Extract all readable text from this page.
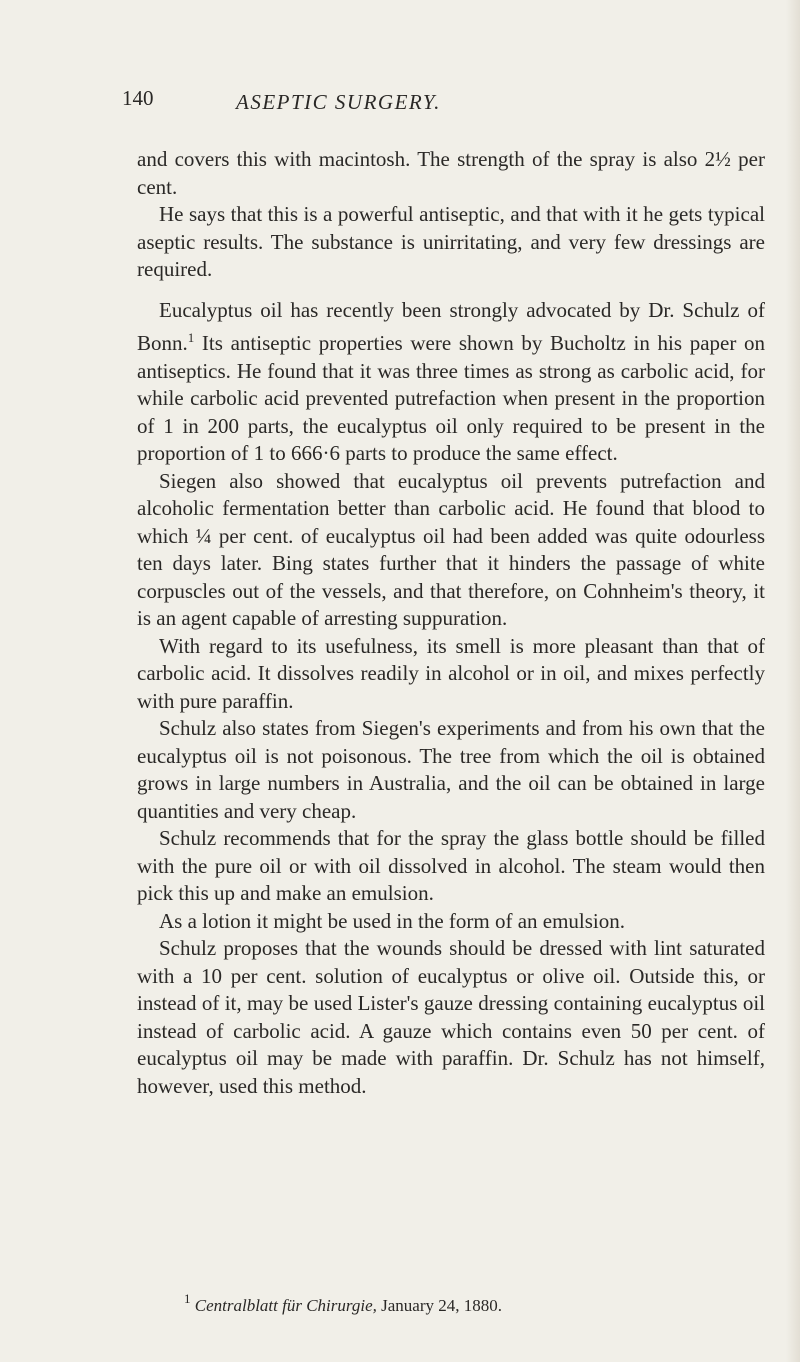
140	ASEPTIC SURGERY.

and covers this with macintosh. The strength of the spray is also 2½ per cent.

He says that this is a powerful antiseptic, and that with it he gets typical aseptic results. The substance is unirritating, and very few dressings are required.

Eucalyptus oil has recently been strongly advocated by Dr. Schulz of Bonn.$^1$ Its antiseptic properties were shown by Bucholtz in his paper on antiseptics. He found that it was three times as strong as carbolic acid, for while carbolic acid prevented putrefaction when present in the proportion of 1 in 200 parts, the eucalyptus oil only required to be present in the proportion of 1 to 666·6 parts to produce the same effect.

Siegen also showed that eucalyptus oil prevents putrefaction and alcoholic fermentation better than carbolic acid. He found that blood to which ¼ per cent. of eucalyptus oil had been added was quite odourless ten days later. Bing states further that it hinders the passage of white corpuscles out of the vessels, and that therefore, on Cohnheim's theory, it is an agent capable of arresting suppuration.

With regard to its usefulness, its smell is more pleasant than that of carbolic acid. It dissolves readily in alcohol or in oil, and mixes perfectly with pure paraffin.

Schulz also states from Siegen's experiments and from his own that the eucalyptus oil is not poisonous. The tree from which the oil is obtained grows in large numbers in Australia, and the oil can be obtained in large quantities and very cheap.

Schulz recommends that for the spray the glass bottle should be filled with the pure oil or with oil dissolved in alcohol. The steam would then pick this up and make an emulsion.

As a lotion it might be used in the form of an emulsion.

Schulz proposes that the wounds should be dressed with lint saturated with a 10 per cent. solution of eucalyptus or olive oil. Outside this, or instead of it, may be used Lister's gauze dressing containing eucalyptus oil instead of carbolic acid. A gauze which contains even 50 per cent. of eucalyptus oil may be made with paraffin. Dr. Schulz has not himself, however, used this method.

$^1$ Centralblatt für Chirurgie, January 24, 1880.
